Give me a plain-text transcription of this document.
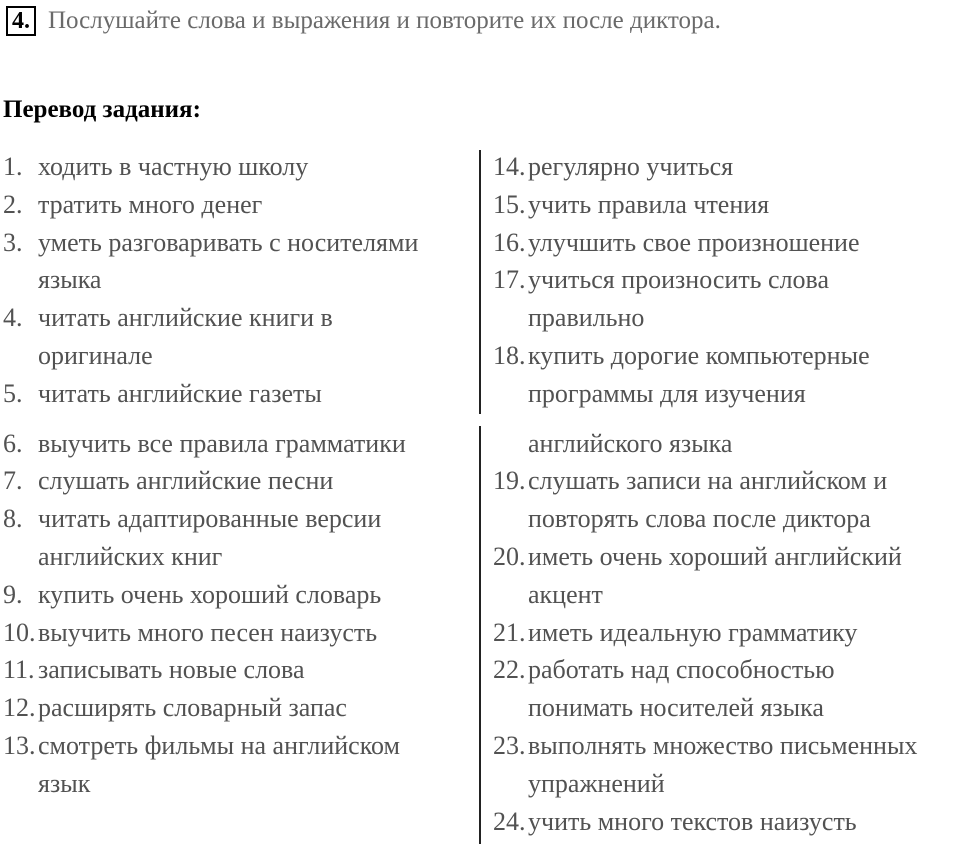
4. Послушайте слова и выражения и повторите их после диктора.
Перевод задания:
1. ходить в частную школу
2. тратить много денег
3. уметь разговаривать с носителями
языка
4. читать английские книги в
оригинале
5. читать английские газеты
6. выучить все правила грамматики
7. слушать английские песни
8. читать адаптированные версии
английских книг
9. купить очень хороший словарь
10. выучить много песен наизусть
11. записывать новые слова
12. расширять словарный запас
13. смотреть фильмы на английском
язык
14. регулярно учиться
15. учить правила чтения
16. улучшить свое произношение
17. учиться произносить слова
правильно
18. купить дорогие компьютерные
программы для изучения
английского языка
19. слушать записи на английском и
повторять слова после диктора
20. иметь очень хороший английский
акцент
21. иметь идеальную грамматику
22. работать над способностью
понимать носителей языка
23. выполнять множество письменных
упражнений
24. учить много текстов наизусть
